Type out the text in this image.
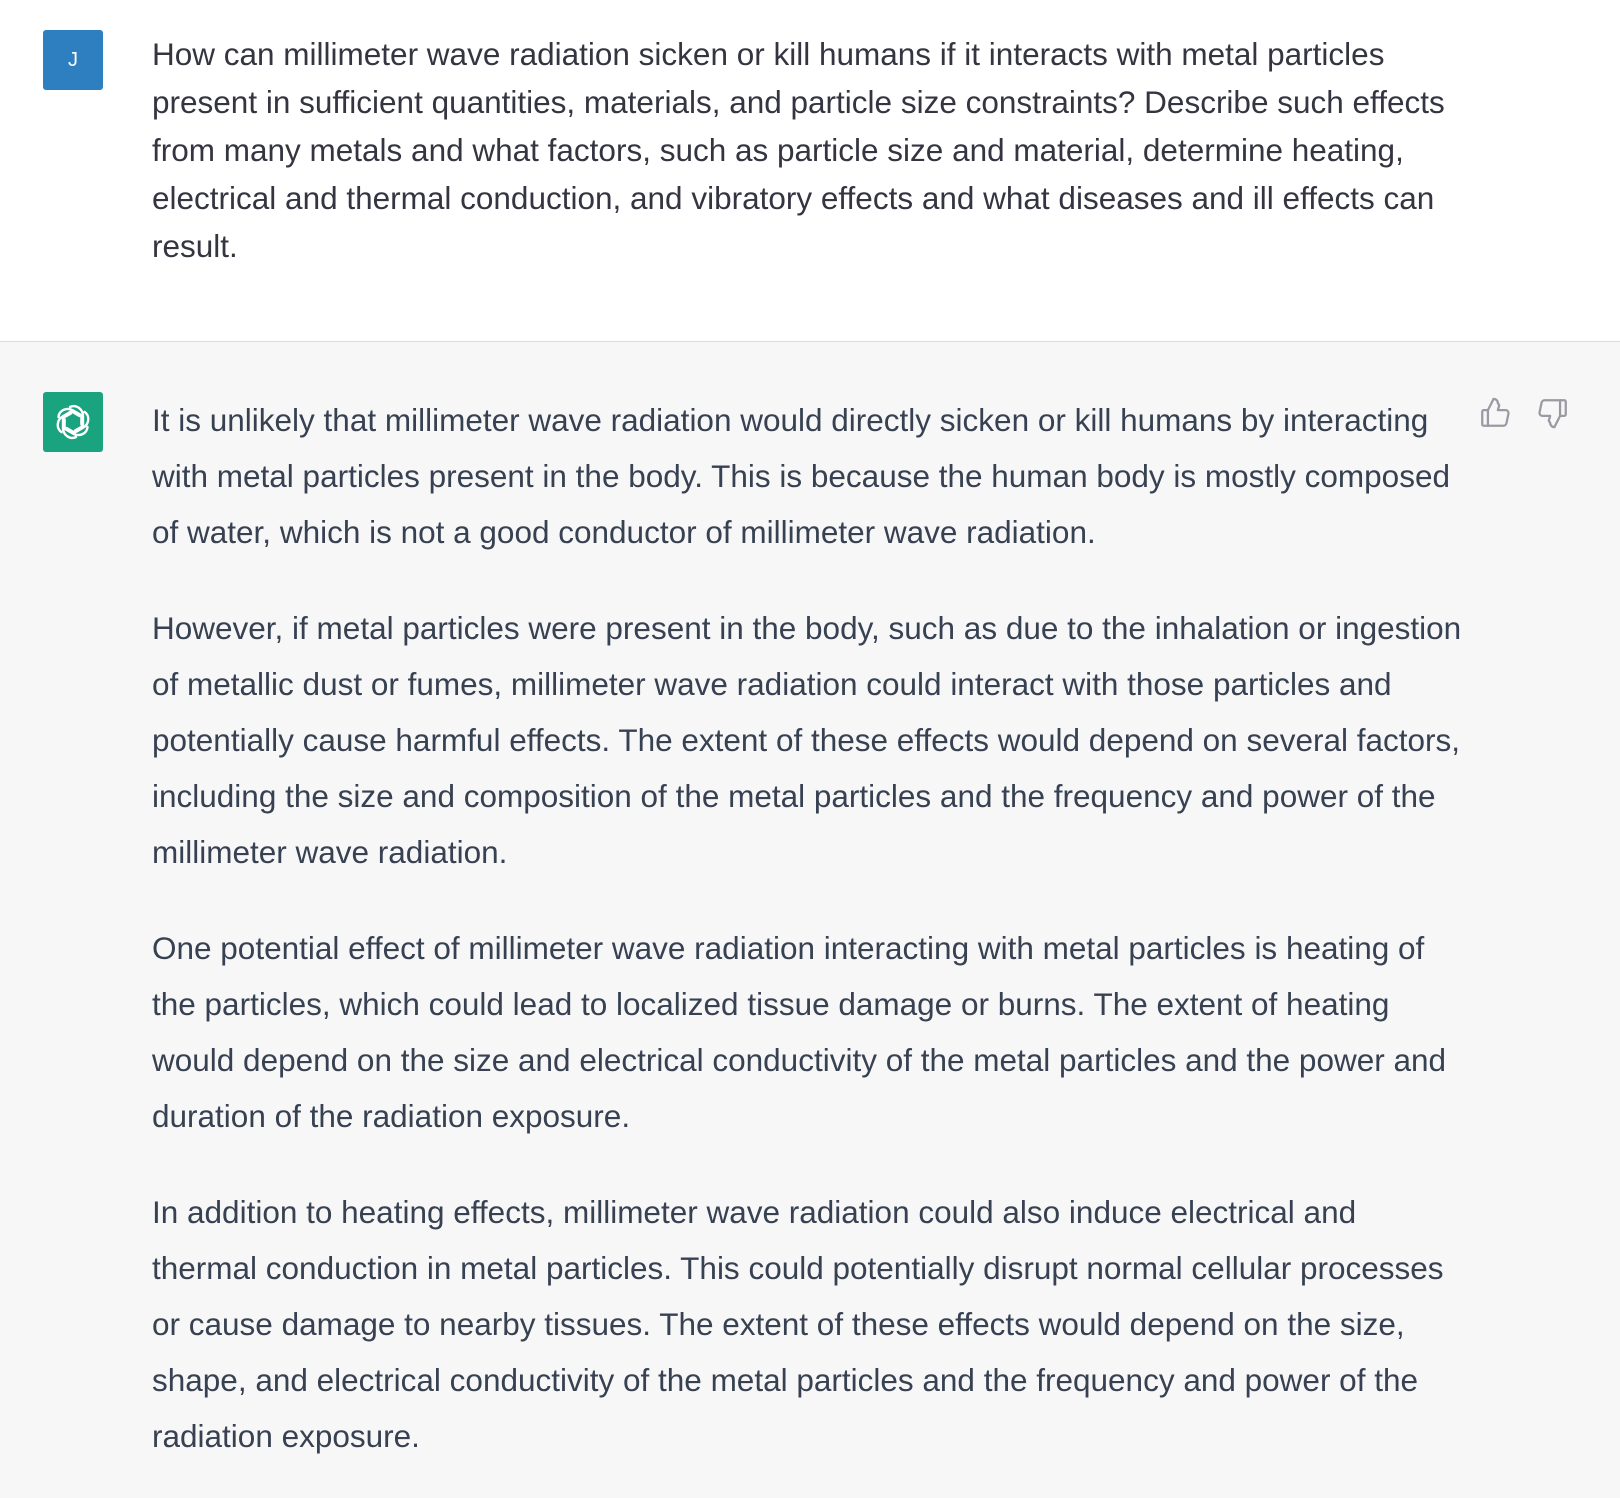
J How can millimeter wave radiation sicken or kill humans if it interacts with metal particles present in sufficient quantities, materials, and particle size constraints? Describe such effects from many metals and what factors, such as particle size and material, determine heating, electrical and thermal conduction, and vibratory effects and what diseases and ill effects can result.

It is unlikely that millimeter wave radiation would directly sicken or kill humans by interacting with metal particles present in the body. This is because the human body is mostly composed of water, which is not a good conductor of millimeter wave radiation.

However, if metal particles were present in the body, such as due to the inhalation or ingestion of metallic dust or fumes, millimeter wave radiation could interact with those particles and potentially cause harmful effects. The extent of these effects would depend on several factors, including the size and composition of the metal particles and the frequency and power of the millimeter wave radiation.

One potential effect of millimeter wave radiation interacting with metal particles is heating of the particles, which could lead to localized tissue damage or burns. The extent of heating would depend on the size and electrical conductivity of the metal particles and the power and duration of the radiation exposure.

In addition to heating effects, millimeter wave radiation could also induce electrical and thermal conduction in metal particles. This could potentially disrupt normal cellular processes or cause damage to nearby tissues. The extent of these effects would depend on the size, shape, and electrical conductivity of the metal particles and the frequency and power of the radiation exposure.
